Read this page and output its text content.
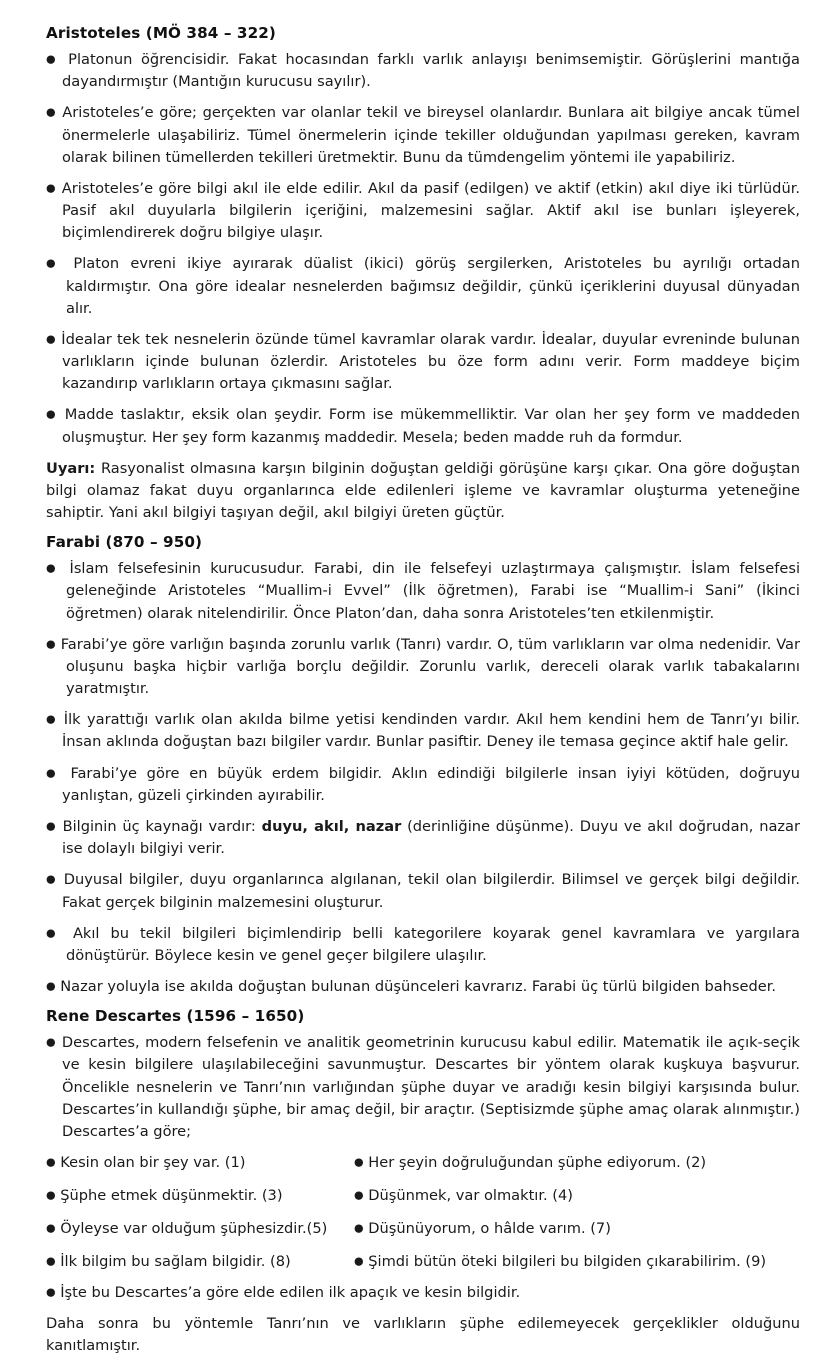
Aristoteles (MÖ 384 – 322)

● Platonun öğrencisidir. Fakat hocasından farklı varlık anlayışı benimsemiştir. Görüşlerini mantığa dayandırmıştır (Mantığın kurucusu sayılır).

● Aristoteles’e göre; gerçekten var olanlar tekil ve bireysel olanlardır. Bunlara ait bilgiye ancak tümel önermelerle ulaşabiliriz. Tümel önermelerin içinde tekiller olduğundan yapılması gereken, kavram olarak bilinen tümellerden tekilleri üretmektir. Bunu da tümdengelim yöntemi ile yapabiliriz.

● Aristoteles’e göre bilgi akıl ile elde edilir. Akıl da pasif (edilgen) ve aktif (etkin) akıl diye iki türlüdür. Pasif akıl duyularla bilgilerin içeriğini, malzemesini sağlar. Aktif akıl ise bunları işleyerek, biçimlendirerek doğru bilgiye ulaşır.

● Platon evreni ikiye ayırarak düalist (ikici) görüş sergilerken, Aristoteles bu ayrılığı ortadan kaldırmıştır. Ona göre idealar nesnelerden bağımsız değildir, çünkü içeriklerini duyusal dünyadan alır.

● İdealar tek tek nesnelerin özünde tümel kavramlar olarak vardır. İdealar, duyular evreninde bulunan varlıkların içinde bulunan özlerdir. Aristoteles bu öze form adını verir. Form maddeye biçim kazandırıp varlıkların ortaya çıkmasını sağlar.

● Madde taslaktır, eksik olan şeydir. Form ise mükemmelliktir. Var olan her şey form ve maddeden oluşmuştur. Her şey form kazanmış maddedir. Mesela; beden madde ruh da formdur.

Uyarı: Rasyonalist olmasına karşın bilginin doğuştan geldiği görüşüne karşı çıkar. Ona göre doğuştan bilgi olamaz fakat duyu organlarınca elde edilenleri işleme ve kavramlar oluşturma yeteneğine sahiptir. Yani akıl bilgiyi taşıyan değil, akıl bilgiyi üreten güçtür.

Farabi (870 – 950)

● İslam felsefesinin kurucusudur. Farabi, din ile felsefeyi uzlaştırmaya çalışmıştır. İslam felsefesi geleneğinde Aristoteles “Muallim-i Evvel” (İlk öğretmen), Farabi ise “Muallim-i Sani” (İkinci öğretmen) olarak nitelendirilir. Önce Platon’dan, daha sonra Aristoteles’ten etkilenmiştir.

● Farabi’ye göre varlığın başında zorunlu varlık (Tanrı) vardır. O, tüm varlıkların var olma nedenidir. Var oluşunu başka hiçbir varlığa borçlu değildir. Zorunlu varlık, dereceli olarak varlık tabakalarını yaratmıştır.

● İlk yarattığı varlık olan akılda bilme yetisi kendinden vardır. Akıl hem kendini hem de Tanrı’yı bilir. İnsan aklında doğuştan bazı bilgiler vardır. Bunlar pasiftir. Deney ile temasa geçince aktif hale gelir.

● Farabi’ye göre en büyük erdem bilgidir. Aklın edindiği bilgilerle insan iyiyi kötüden, doğruyu yanlıştan, güzeli çirkinden ayırabilir.

● Bilginin üç kaynağı vardır: duyu, akıl, nazar (derinliğine düşünme). Duyu ve akıl doğrudan, nazar ise dolaylı bilgiyi verir.

● Duyusal bilgiler, duyu organlarınca algılanan, tekil olan bilgilerdir. Bilimsel ve gerçek bilgi değildir. Fakat gerçek bilginin malzemesini oluşturur.

● Akıl bu tekil bilgileri biçimlendirip belli kategorilere koyarak genel kavramlara ve yargılara dönüştürür. Böylece kesin ve genel geçer bilgilere ulaşılır.

● Nazar yoluyla ise akılda doğuştan bulunan düşünceleri kavrarız. Farabi üç türlü bilgiden bahseder.

Rene Descartes (1596 – 1650)

● Descartes, modern felsefenin ve analitik geometrinin kurucusu kabul edilir. Matematik ile açık-seçik ve kesin bilgilere ulaşılabileceğini savunmuştur. Descartes bir yöntem olarak kuşkuya başvurur. Öncelikle nesnelerin ve Tanrı’nın varlığından şüphe duyar ve aradığı kesin bilgiyi karşısında bulur. Descartes’in kullandığı şüphe, bir amaç değil, bir araçtır. (Septisizmde şüphe amaç olarak alınmıştır.) Descartes’a göre;

● Kesin olan bir şey var. (1)	● Her şeyin doğruluğundan şüphe ediyorum. (2)
● Şüphe etmek düşünmektir. (3)	● Düşünmek, var olmaktır. (4)
● Öyleyse var olduğum şüphesizdir.(5)	● Düşünüyorum, o hâlde varım. (7)
● İlk bilgim bu sağlam bilgidir. (8)	● Şimdi bütün öteki bilgileri bu bilgiden çıkarabilirim. (9)

● İşte bu Descartes’a göre elde edilen ilk apaçık ve kesin bilgidir.

Daha sonra bu yöntemle Tanrı’nın ve varlıkların şüphe edilemeyecek gerçeklikler olduğunu kanıtlamıştır.
